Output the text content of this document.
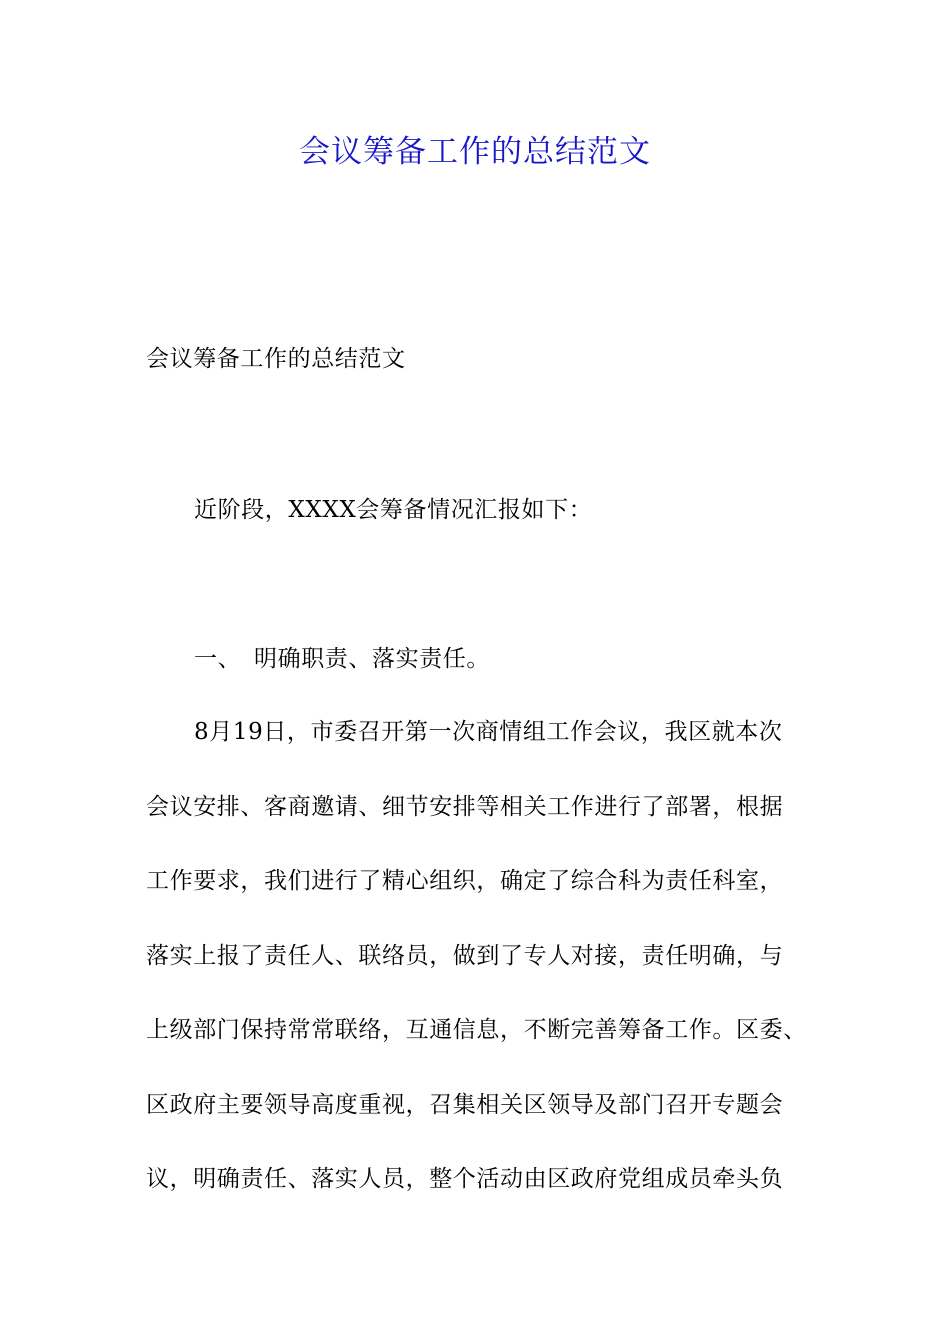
会议筹备工作的总结范文
会议筹备工作的总结范文
近阶段，XXXX会筹备情况汇报如下：
一、 明确职责、落实责任。
8月19日，市委召开第一次商情组工作会议，我区就本次
会议安排、客商邀请、细节安排等相关工作进行了部署，根据
工作要求，我们进行了精心组织，确定了综合科为责任科室，
落实上报了责任人、联络员，做到了专人对接，责任明确，与
上级部门保持常常联络，互通信息，不断完善筹备工作。区委、
区政府主要领导高度重视，召集相关区领导及部门召开专题会
议，明确责任、落实人员，整个活动由区政府党组成员牵头负
